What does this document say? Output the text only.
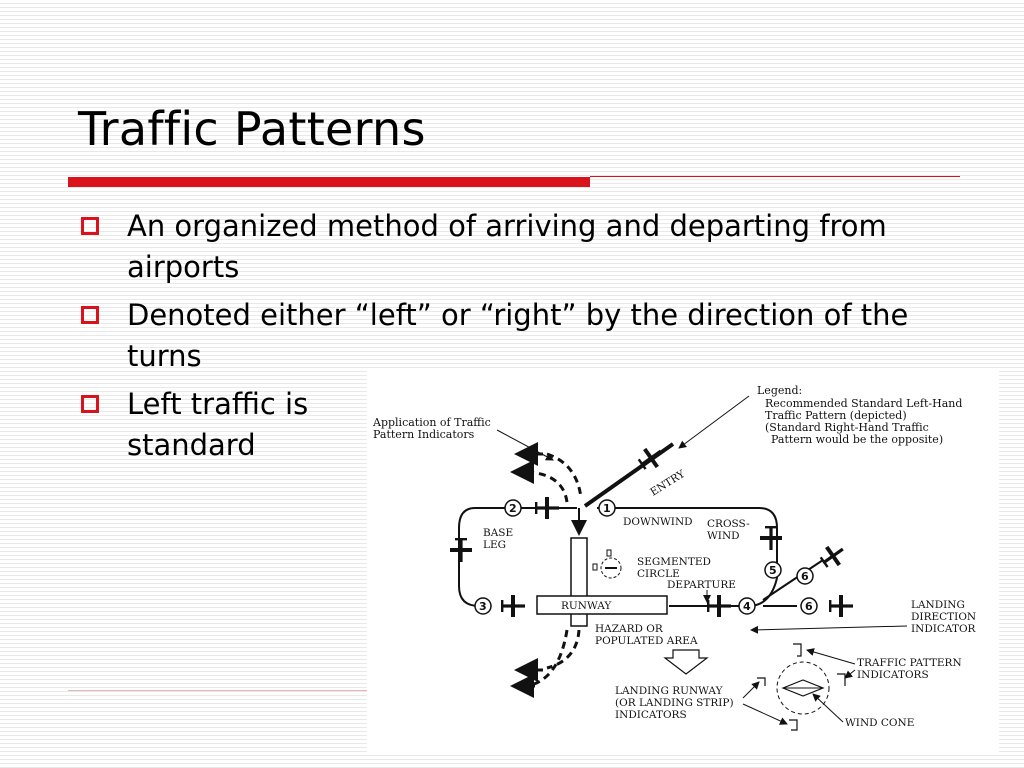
Traffic Patterns
An organized method of arriving and departing from airports
Denoted either “left” or “right” by the direction of the turns
Left traffic is standard
Legend:
Recommended Standard Left-Hand
Traffic Pattern (depicted)
(Standard Right-Hand Traffic
Pattern would be the opposite)
Application of Traffic
Pattern Indicators
ENTRY
1
2
3	4
5 6
6
DOWNWIND CROSS-
WIND
BASE
LEG
RUNWAY
SEGMENTED
CIRCLE
DEPARTURE
HAZARD OR
POPULATED AREA
LANDING
DIRECTION
INDICATOR
TRAFFIC PATTERN
INDICATORS
LANDING RUNWAY
(OR LANDING STRIP)
INDICATORS
WIND CONE
